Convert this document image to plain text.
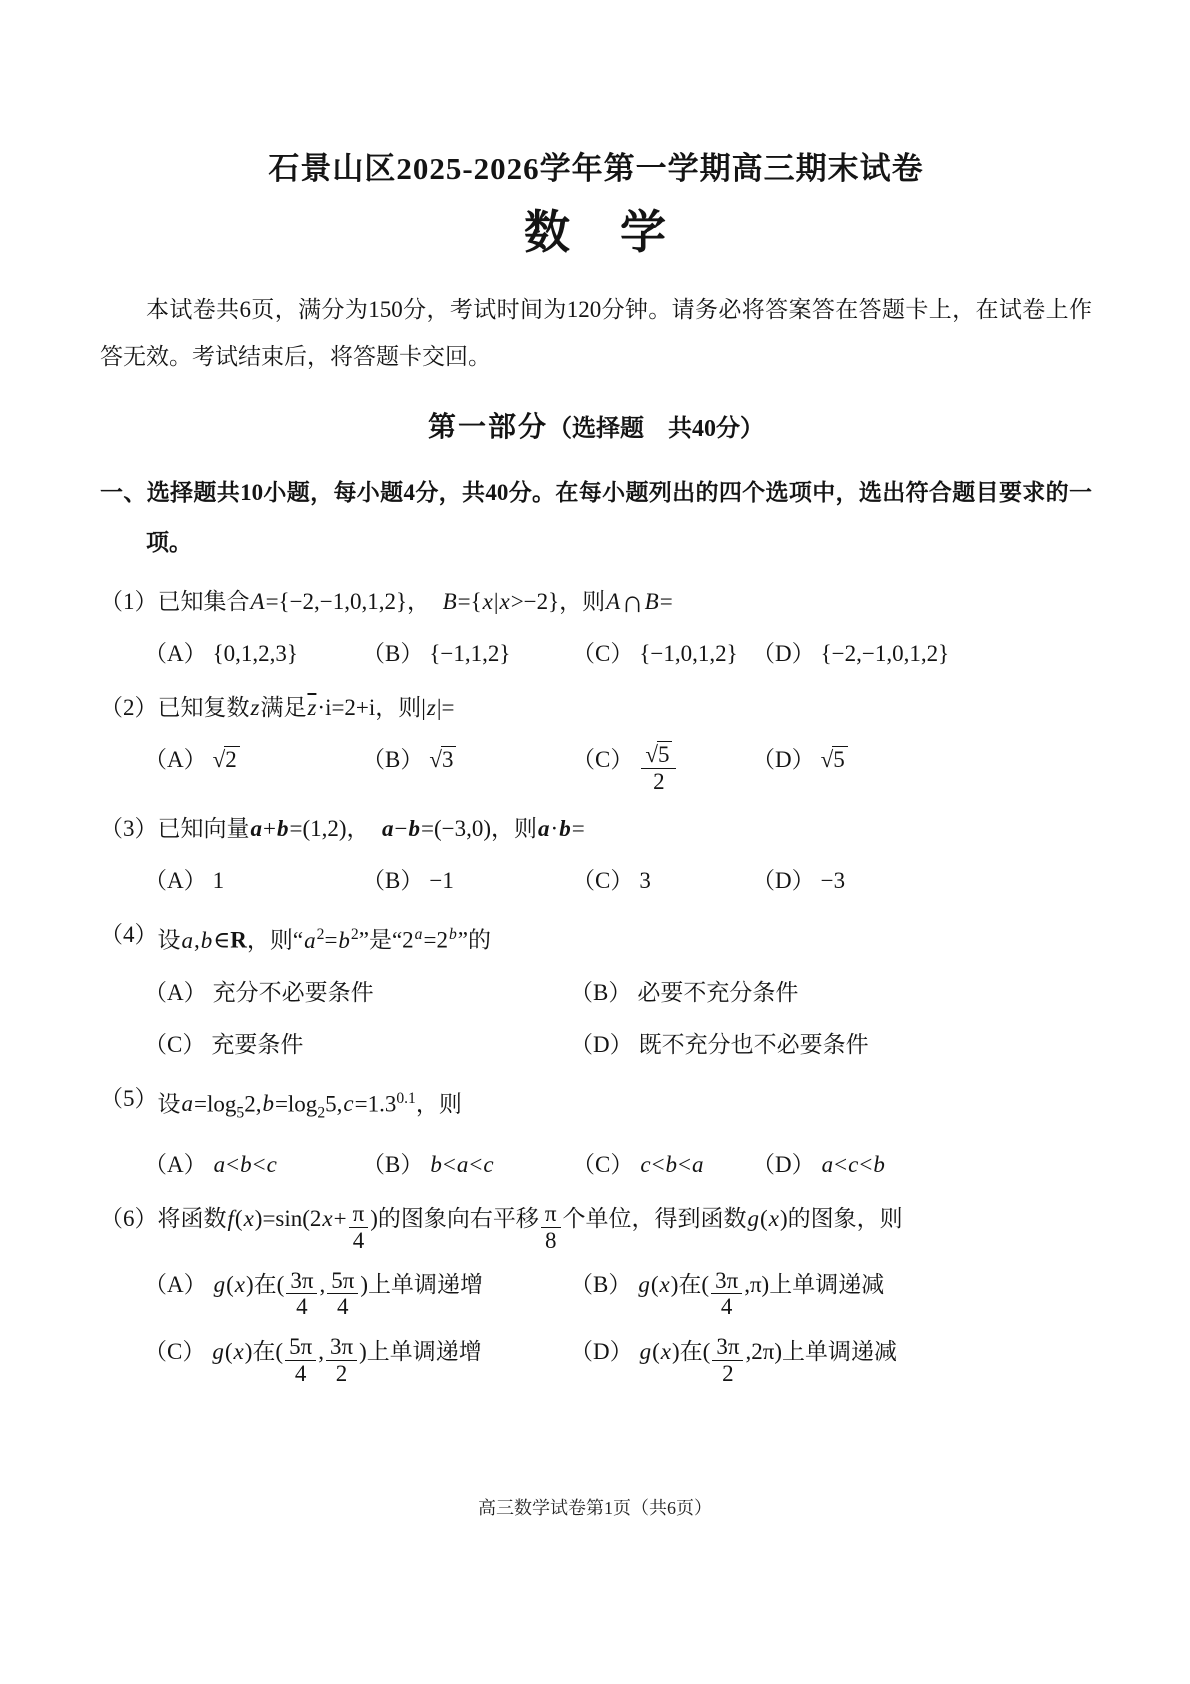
石景山区2025-2026学年第一学期高三期末试卷
数　学

本试卷共6页，满分为150分，考试时间为120分钟。请务必将答案答在答题卡上，在试卷上作答无效。考试结束后，将答题卡交回。

第一部分（选择题　共40分）

一、选择题共10小题，每小题4分，共40分。在每小题列出的四个选项中，选出符合题目要求的一项。

（1） 已知集合A={−2,−1,0,1,2}，　B={x|x>−2}，则A∩B=
（A） {0,1,2,3}	（B） {−1,1,2}	（C） {−1,0,1,2} （D） {−2,−1,0,1,2}
（2） 已知复数z满足$\overline{z}\cdot i=2+i$，则|z|=
（A） √2	（B） √3	$(C) \frac{√5}{2}$	（D） √5
（3） 已知向量a+b=(1,2)，　a−b=(−3,0)，则a·b=
（A） 1	（B） −1	（C） 3	（D） −3
（4） 设a,b∈R，则“$a^2=b^2$”是“$2^a=2^b$”的
（A） 充分不必要条件	（B） 必要不充分条件
（C） 充要条件	（D） 既不充分也不必要条件
（5） 设$a=\log_52,b=\log_25,c=1.3^{0.1}$，则
（A） a<b<c	（B） b<a<c	（C） c<b<a	（D） a<c<b
（6） 将函数$f(x)=\sin(2x+ \frac{\pi}{4}$ )的图象向右平移 $\frac{\pi}{8}$ 个单位，得到函数g(x)的图象，则
（A） g(x)在( $\frac{3\pi}{4}$ , $\frac{5\pi}{4}$ )上单调递增	（B） g(x)在( $\frac{3\pi}{4} ,\pi$)上单调递减
（C） g(x)在( $\frac{5\pi}{4}$ , $\frac{3\pi}{2}$ )上单调递增	（D） g(x)在( $\frac{3\pi}{2} ,2\pi$)上单调递减
高三数学试卷第1页（共6页）
